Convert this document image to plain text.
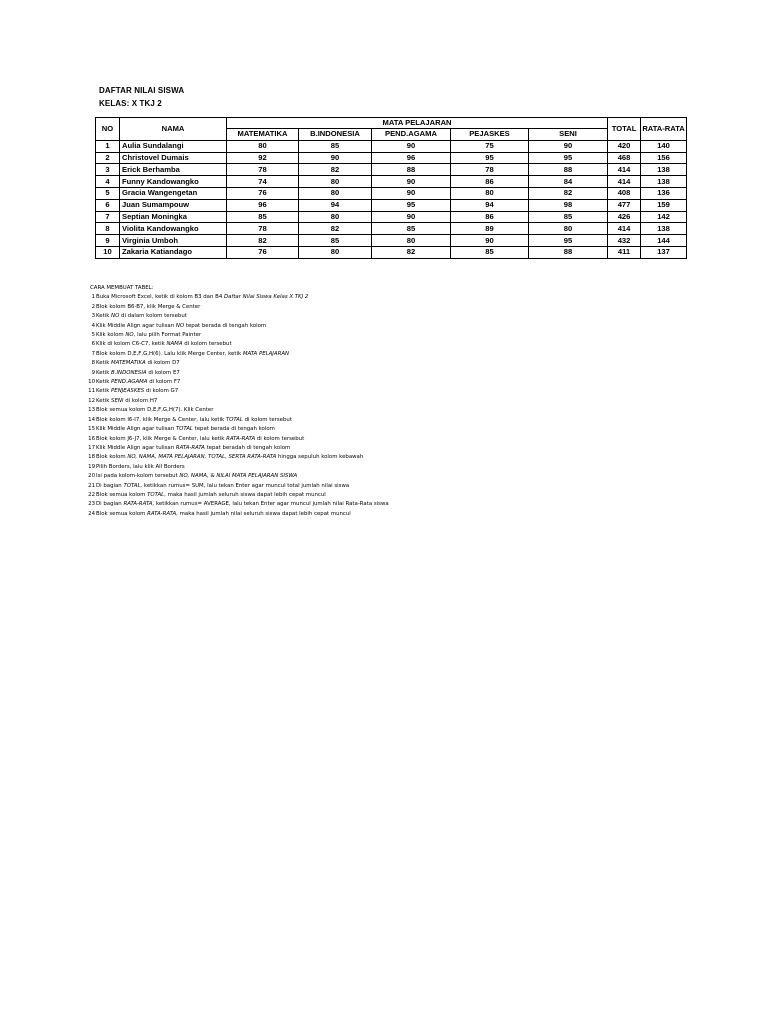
DAFTAR NILAI SISWA
KELAS: X TKJ 2
NO	NAMA	MATA PELAJARAN					TOTAL	RATA-RATA
		MATEMATIKA	B.INDONESIA	PEND.AGAMA	PEJASKES	SENI		
1	Aulia Sundalangi	80	85	90	75	90	420	140
2	Christovel Dumais	92	90	96	95	95	468	156
3	Erick Berhamba	78	82	88	78	88	414	138
4	Funny Kandowangko	74	80	90	86	84	414	138
5	Gracia Wangengetan	76	80	90	80	82	408	136
6	Juan Sumampouw	96	94	95	94	98	477	159
7	Septian Moningka	85	80	90	86	85	426	142
8	Violita Kandowangko	78	82	85	89	80	414	138
9	Virginia Umboh	82	85	80	90	95	432	144
10	Zakaria Katiandago	76	80	82	85	88	411	137
CARA MEMBUAT TABEL:
1Buka Microsoft Excel, ketik di kolom B3 dan B4 Daftar Nilai Siswa Kelas X TKJ 2
2Blok kolom B6-B7, klik Merge & Center
3Ketik NO di dalam kolom tersebut
4Klik Middle Align agar tulisan NO tepat berada di tengah kolom
5Klik kolom NO, lalu pilih Format Painter
6Klik di kolom C6-C7, ketik NAMA di kolom tersebut
7Blok kolom D,E,F,G,H(6). Lalu klik Merge Center, ketik MATA PELAJARAN
8Ketik MATEMATIKA di kolom D7
9Ketik B.INDONESIA di kolom E7
10Ketik PEND.AGAMA di kolom F7
11Ketik PENJEASKES di kolom G7
12Ketik SENI di kolom H7
13Blok semua kolom D,E,F,G,H(7). Klik Center
14Blok kolom I6-I7, klik Merge & Center, lalu ketik TOTAL di kolom tersebut
15Klik Middle Align agar tulisan TOTAL tepat berada di tengah kolom
16Blok kolom J6-J7, klik Merge & Center, lalu ketik RATA-RATA di kolom tersebut
17Klik Middle Align agar tulisan RATA-RATA tepat beradah di tengah kolom
18Blok kolom NO, NAMA, MATA PELAJARAN, TOTAL, SERTA RATA-RATA hingga sepuluh kolom kebawah
19Pilih Borders, lalu klik All Borders
20Isi pada kolom-kolom tersebut NO, NAMA, & NILAI MATA PELAJARAN SISWA
21Di bagian TOTAL, ketikkan rumus= SUM, lalu tekan Enter agar muncul total jumlah nilai siswa
22Blok semua kolom TOTAL, maka hasil jumlah seluruh siswa dapat lebih cepat muncul
23Di bagian RATA-RATA, ketikkan rumus= AVERAGE, lalu tekan Enter agar muncul jumlah nilai Rata-Rata siswa
24Blok semua kolom RATA-RATA, maka hasil jumlah nilai seluruh siswa dapat lebih cepat muncul
